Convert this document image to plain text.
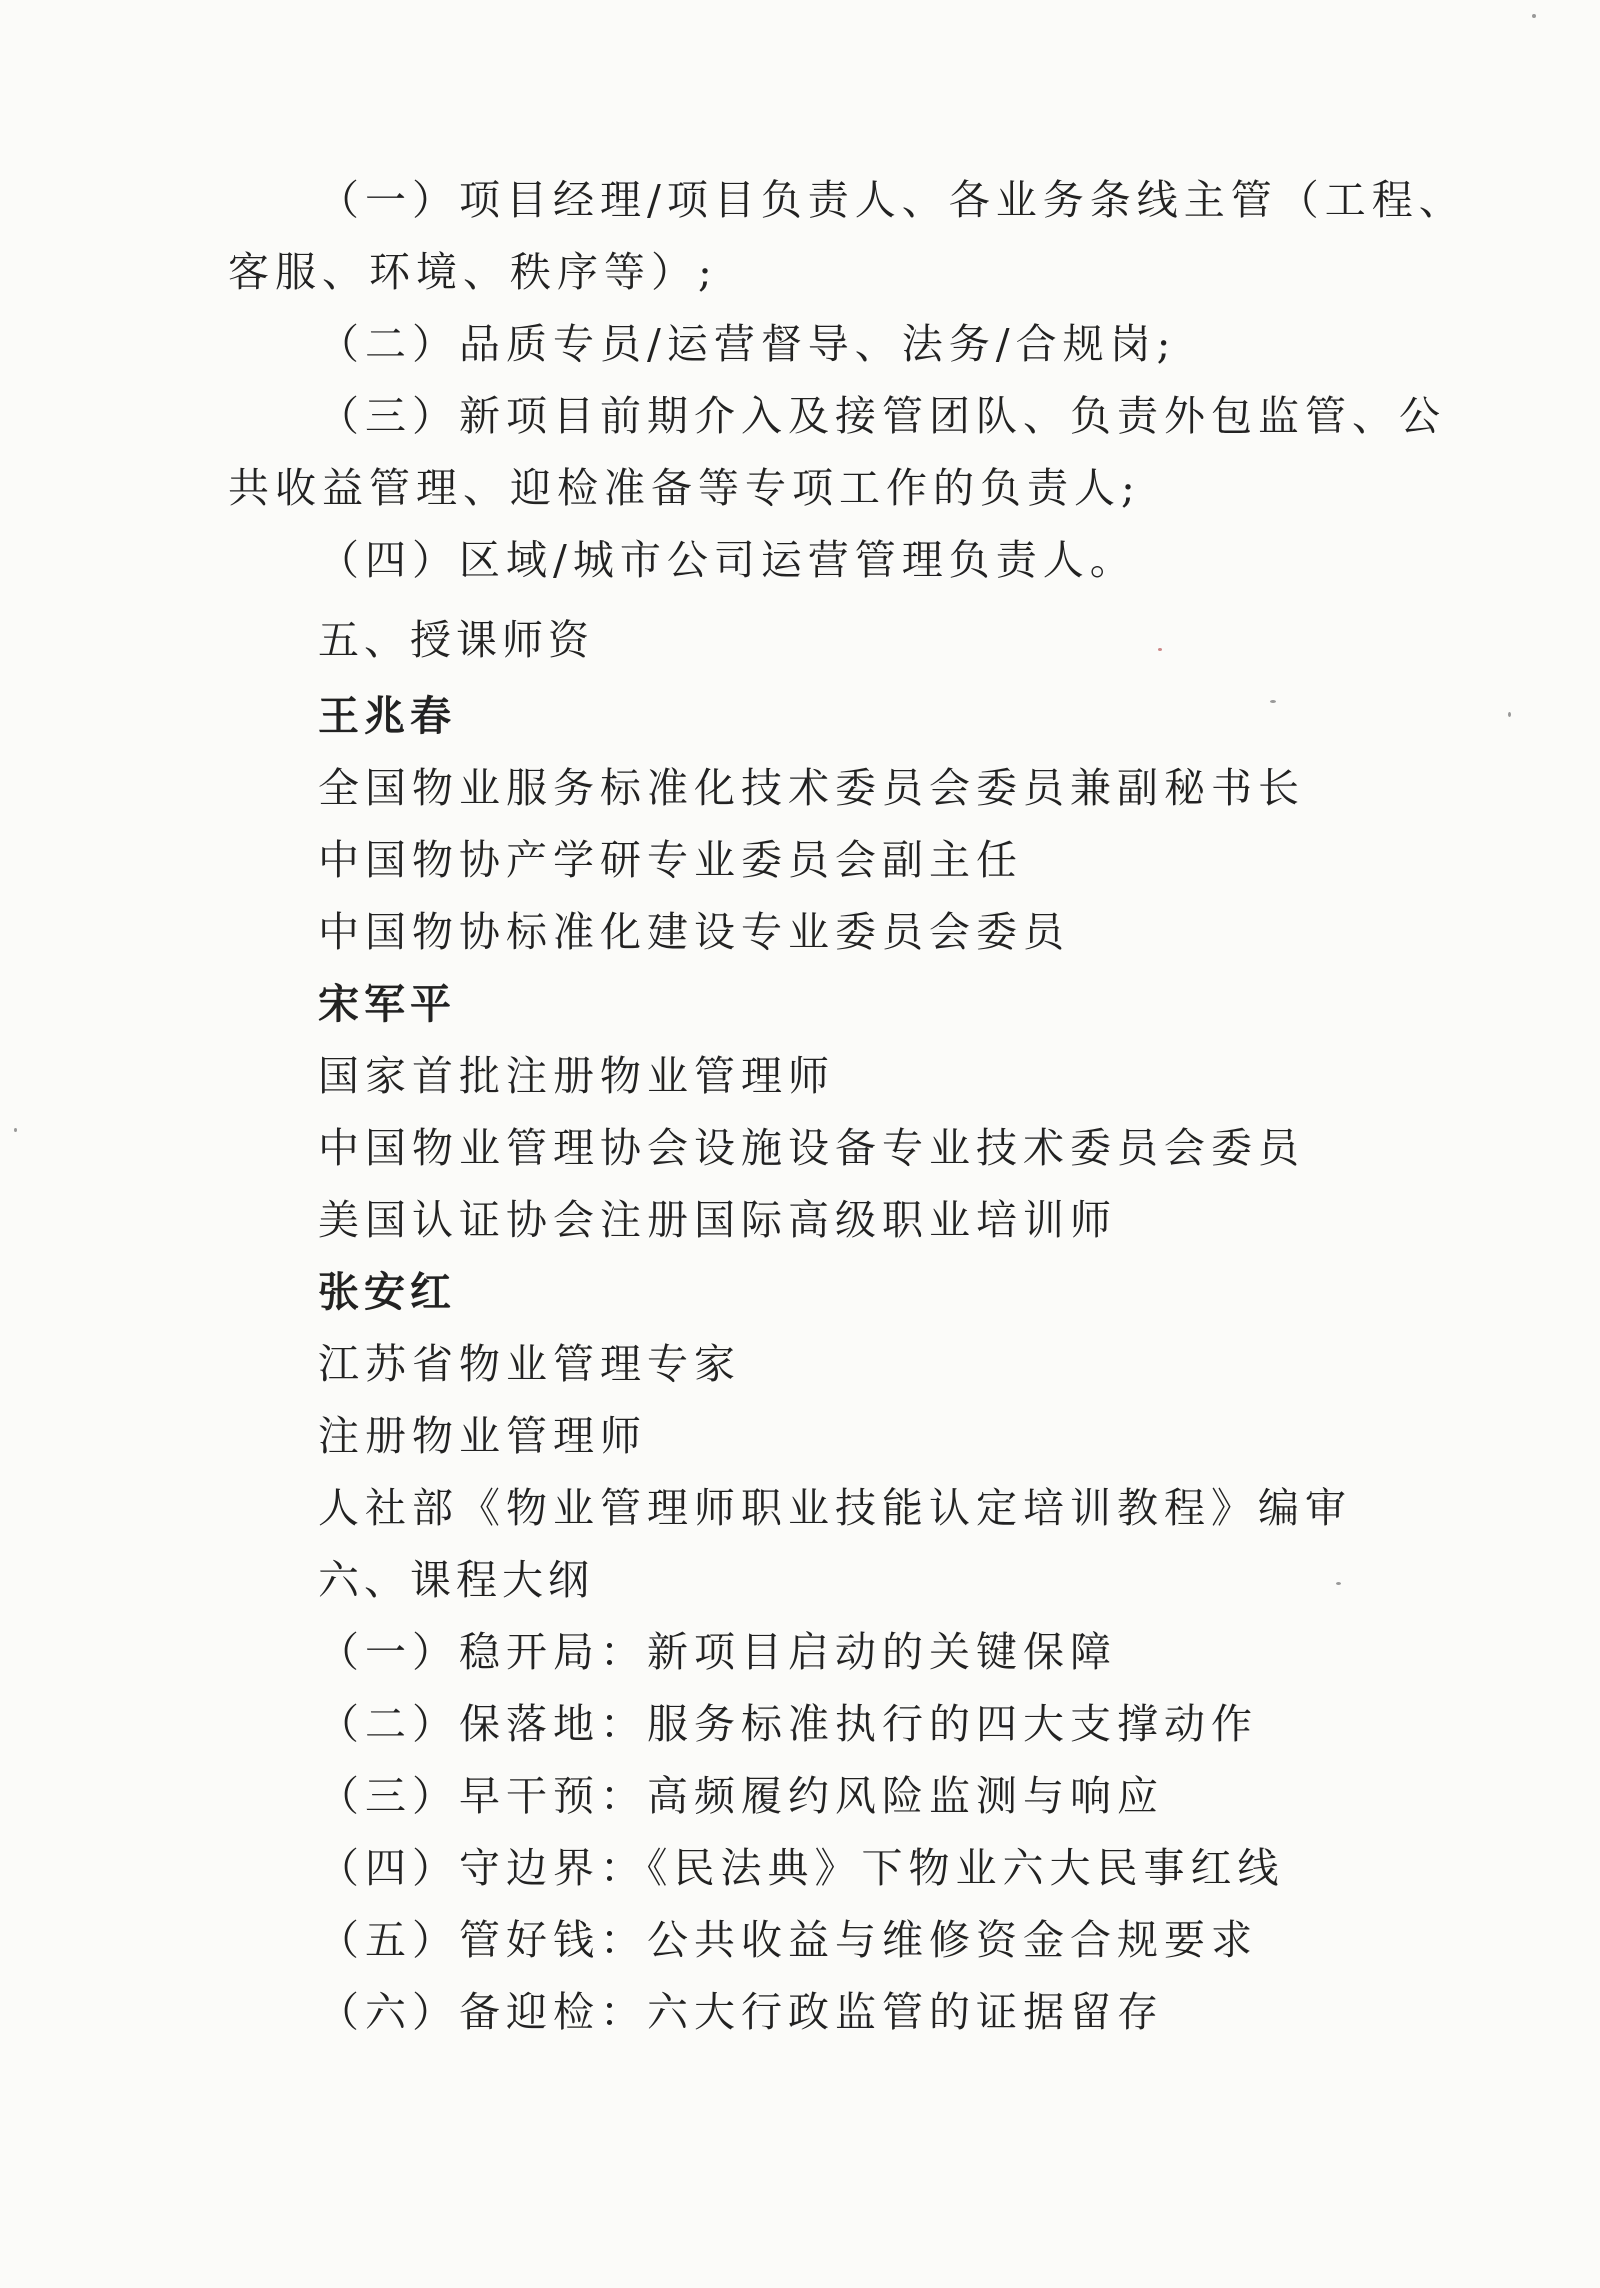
（一）项目经理/项目负责人、各业务条线主管（工程、
客服、环境、秩序等）;
（二）品质专员/运营督导、法务/合规岗;
（三）新项目前期介入及接管团队、负责外包监管、公
共收益管理、迎检准备等专项工作的负责人;
（四）区域/城市公司运营管理负责人。
五、授课师资
王兆春
全国物业服务标准化技术委员会委员兼副秘书长
中国物协产学研专业委员会副主任
中国物协标准化建设专业委员会委员
宋军平
国家首批注册物业管理师
中国物业管理协会设施设备专业技术委员会委员
美国认证协会注册国际高级职业培训师
张安红
江苏省物业管理专家
注册物业管理师
人社部《物业管理师职业技能认定培训教程》编审
六、课程大纲
（一）稳开局：新项目启动的关键保障
（二）保落地：服务标准执行的四大支撑动作
（三）早干预：高频履约风险监测与响应
（四）守边界：《民法典》下物业六大民事红线
（五）管好钱：公共收益与维修资金合规要求
（六）备迎检：六大行政监管的证据留存
